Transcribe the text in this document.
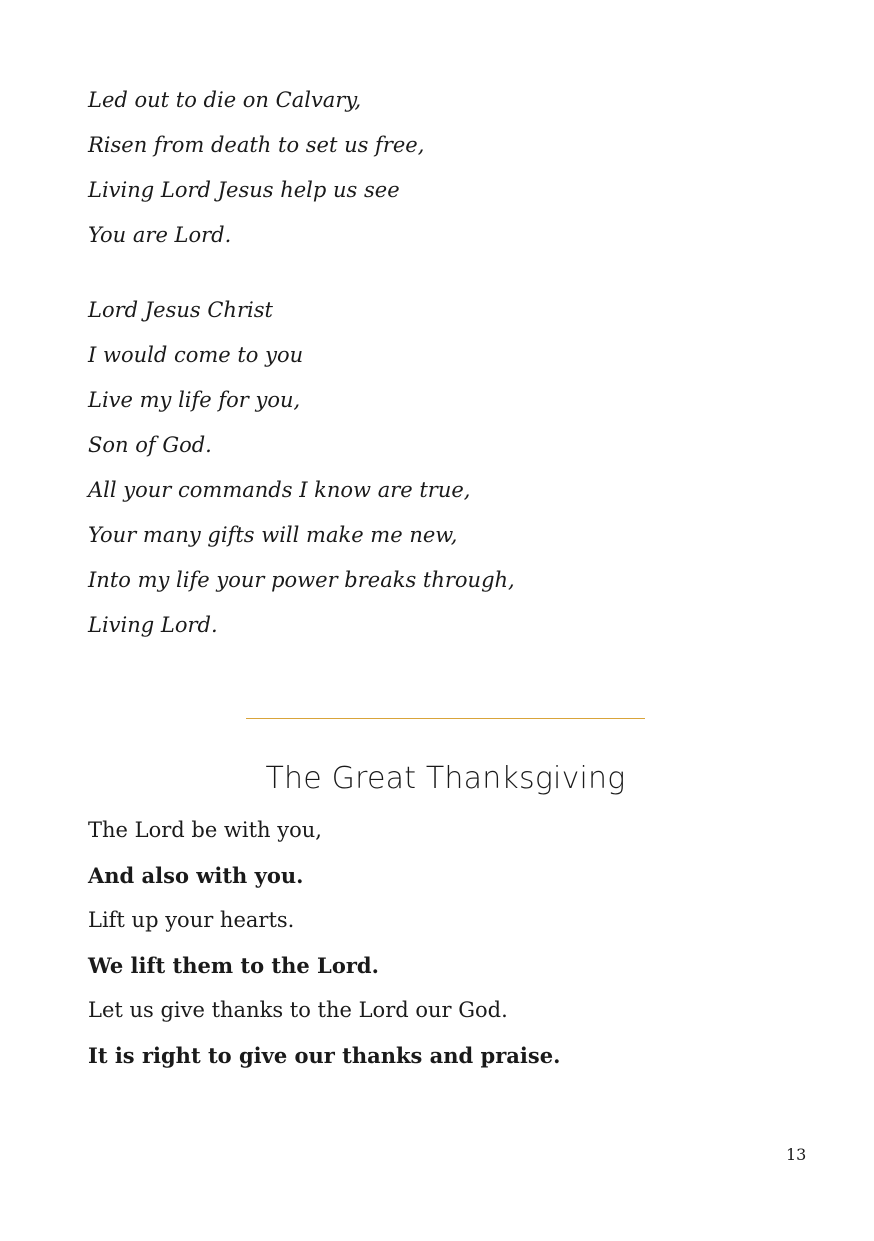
Led out to die on Calvary,
Risen from death to set us free,
Living Lord Jesus help us see
You are Lord.
Lord Jesus Christ
I would come to you
Live my life for you,
Son of God.
All your commands I know are true,
Your many gifts will make me new,
Into my life your power breaks through,
Living Lord.
The Great Thanksgiving
The Lord be with you,
And also with you.
Lift up your hearts.
We lift them to the Lord.
Let us give thanks to the Lord our God.
It is right to give our thanks and praise.
13
